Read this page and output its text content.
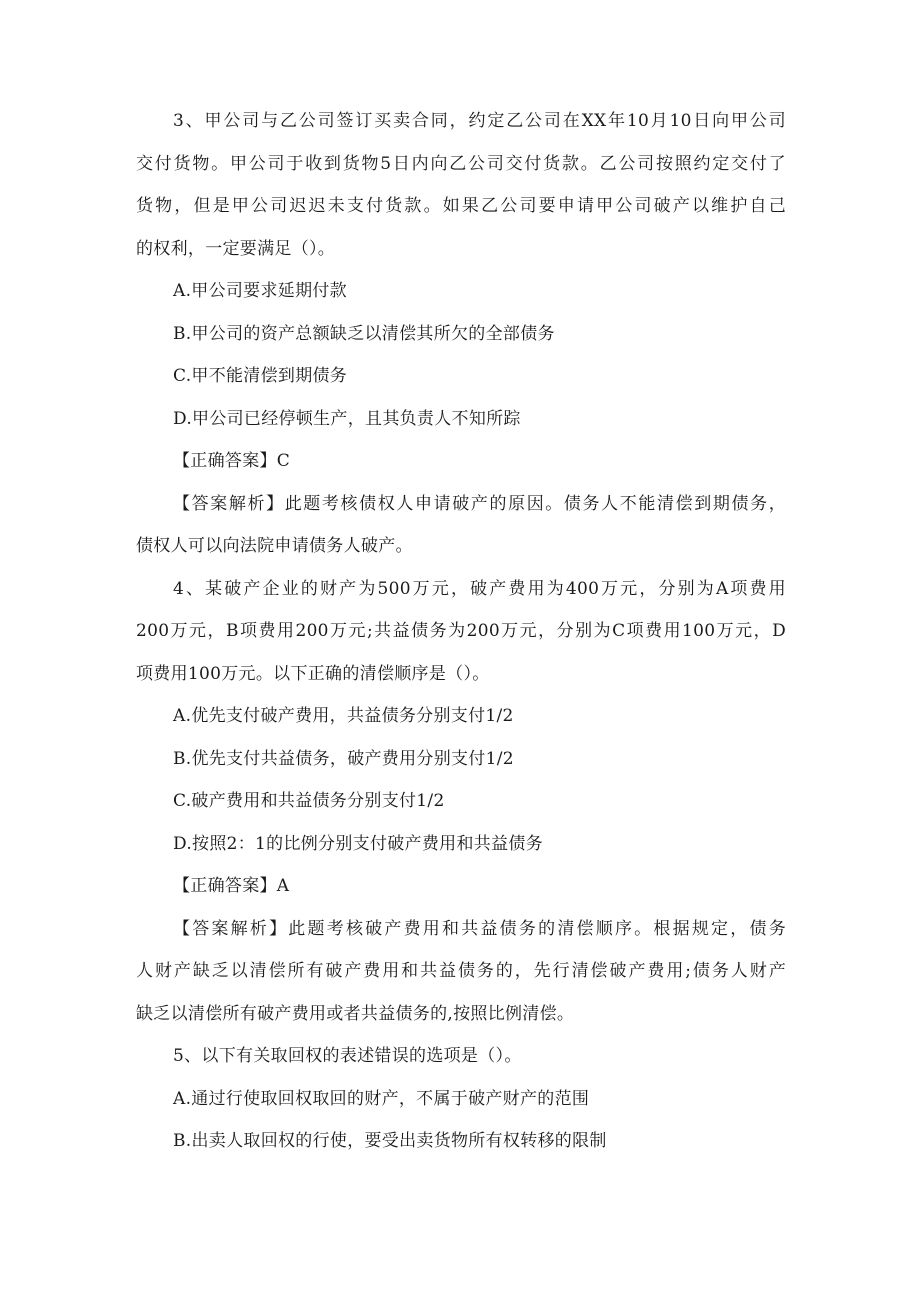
3、甲公司与乙公司签订买卖合同，约定乙公司在XX年10月10日向甲公司
交付货物。甲公司于收到货物5日内向乙公司交付货款。乙公司按照约定交付了
货物，但是甲公司迟迟未支付货款。如果乙公司要申请甲公司破产以维护自己
的权利，一定要满足（）。
A.甲公司要求延期付款
B.甲公司的资产总额缺乏以清偿其所欠的全部债务
C.甲不能清偿到期债务
D.甲公司已经停顿生产，且其负责人不知所踪
【正确答案】C
【答案解析】此题考核债权人申请破产的原因。债务人不能清偿到期债务，
债权人可以向法院申请债务人破产。
4、某破产企业的财产为500万元，破产费用为400万元，分别为A项费用
200万元，B项费用200万元;共益债务为200万元，分别为C项费用100万元，D
项费用100万元。以下正确的清偿顺序是（）。
A.优先支付破产费用，共益债务分别支付1/2
B.优先支付共益债务，破产费用分别支付1/2
C.破产费用和共益债务分别支付1/2
D.按照2：1的比例分别支付破产费用和共益债务
【正确答案】A
【答案解析】此题考核破产费用和共益债务的清偿顺序。根据规定，债务
人财产缺乏以清偿所有破产费用和共益债务的，先行清偿破产费用;债务人财产
缺乏以清偿所有破产费用或者共益债务的,按照比例清偿。
5、以下有关取回权的表述错误的选项是（）。
A.通过行使取回权取回的财产，不属于破产财产的范围
B.出卖人取回权的行使，要受出卖货物所有权转移的限制
